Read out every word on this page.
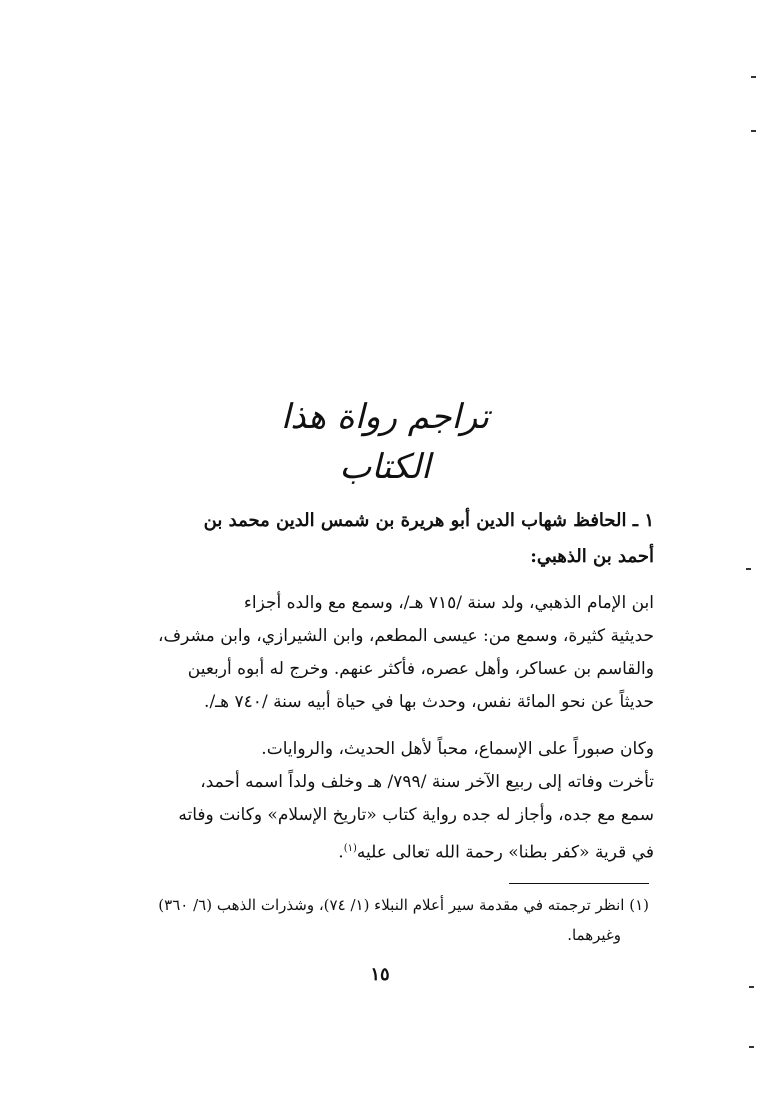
تراجم رواة هذا الكتاب
١ ـ الحافظ شهاب الدين أبو هريرة بن شمس الدين محمد بن
أحمد بن الذهبي:
ابن الإمام الذهبي، ولد سنة /٧١٥ هـ/، وسمع مع والده أجزاء
حديثية كثيرة، وسمع من: عيسى المطعم، وابن الشيرازي، وابن مشرف،
والقاسم بن عساكر، وأهل عصره، فأكثر عنهم. وخرج له أبوه أربعين
حديثاً عن نحو المائة نفس، وحدث بها في حياة أبيه سنة /٧٤٠ هـ/.
وكان صبوراً على الإسماع، محباً لأهل الحديث، والروايات.
تأخرت وفاته إلى ربيع الآخر سنة /٧٩٩/ هـ وخلف ولداً اسمه أحمد،
سمع مع جده، وأجاز له جده رواية كتاب «تاريخ الإسلام» وكانت وفاته
في قرية «كفر بطنا» رحمة الله تعالى عليه$^{(١)}$.
(١) انظر ترجمته في مقدمة سير أعلام النبلاء (١/ ٧٤)، وشذرات الذهب (٦/ ٣٦٠)
وغيرهما.
١٥
